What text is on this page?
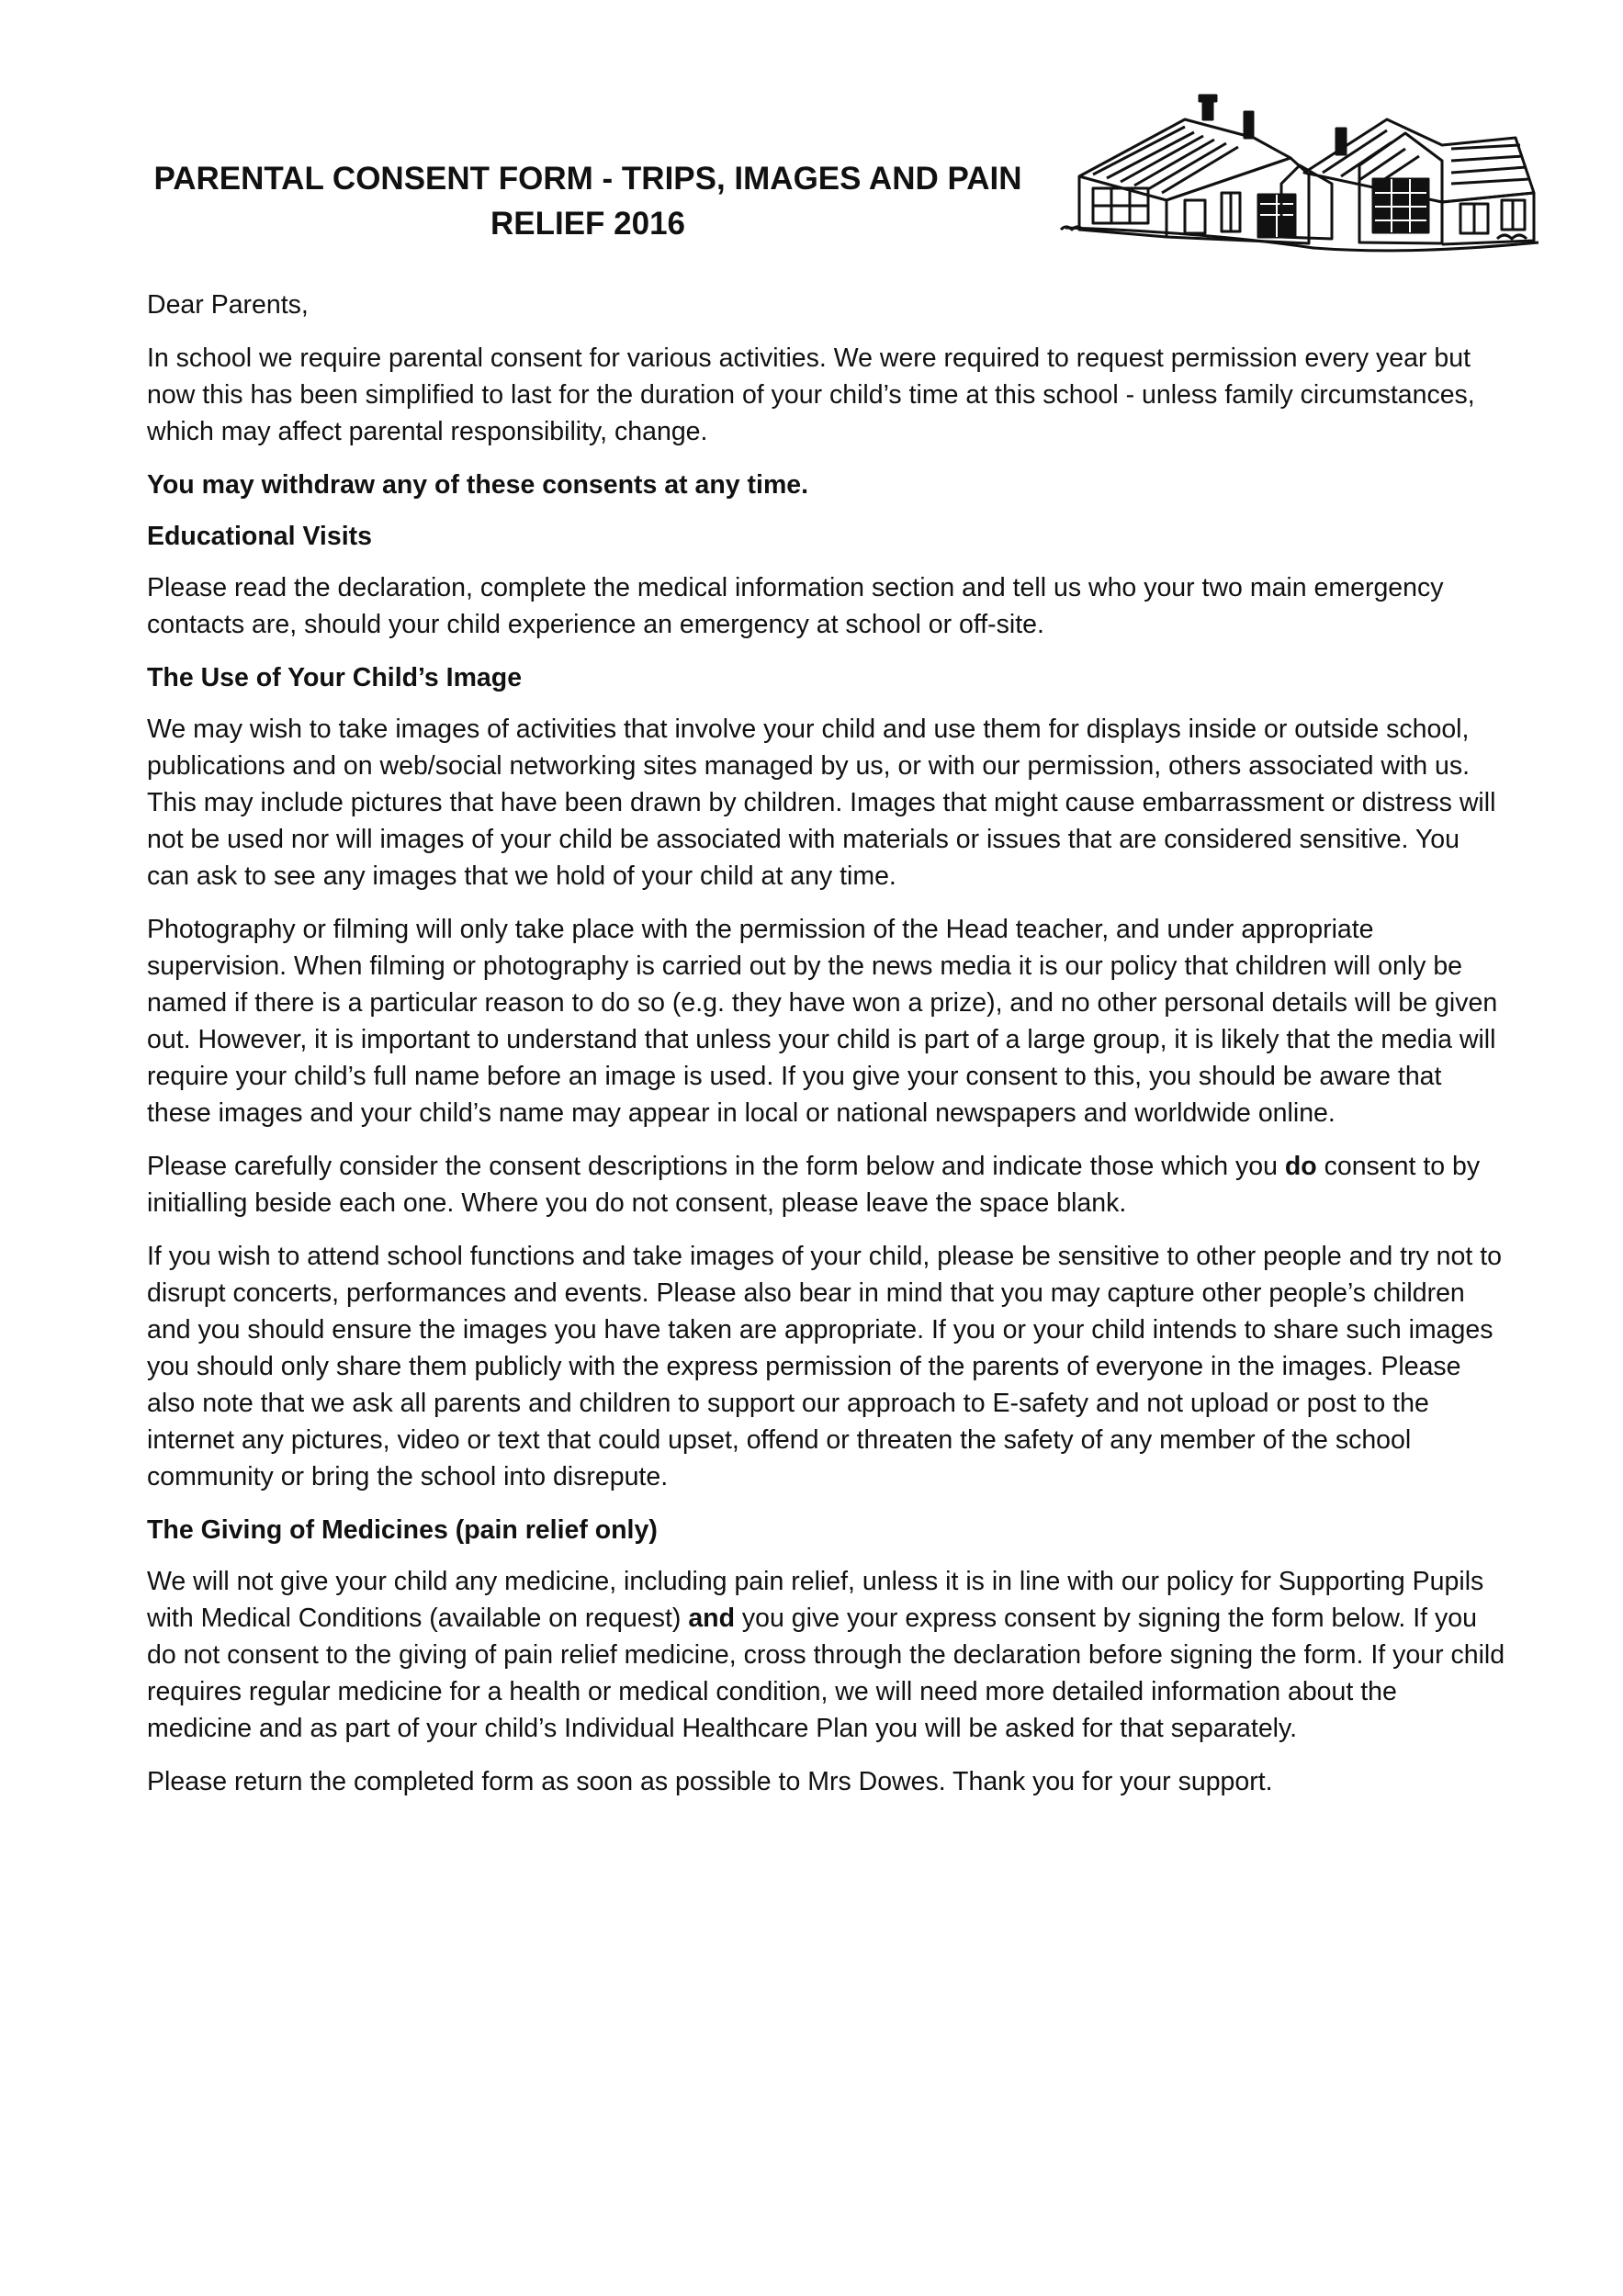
PARENTAL CONSENT FORM - TRIPS, IMAGES AND PAIN
RELIEF 2016

Dear Parents,

In school we require parental consent for various activities. We were required to request permission every year but now this has been simplified to last for the duration of your child’s time at this school - unless family circumstances, which may affect parental responsibility, change.

You may withdraw any of these consents at any time.

Educational Visits

Please read the declaration, complete the medical information section and tell us who your two main emergency contacts are, should your child experience an emergency at school or off-site.

The Use of Your Child’s Image

We may wish to take images of activities that involve your child and use them for displays inside or outside school, publications and on web/social networking sites managed by us, or with our permission, others associated with us. This may include pictures that have been drawn by children. Images that might cause embarrassment or distress will not be used nor will images of your child be associated with materials or issues that are considered sensitive. You can ask to see any images that we hold of your child at any time.

Photography or filming will only take place with the permission of the Head teacher, and under appropriate supervision. When filming or photography is carried out by the news media it is our policy that children will only be named if there is a particular reason to do so (e.g. they have won a prize), and no other personal details will be given out. However, it is important to understand that unless your child is part of a large group, it is likely that the media will require your child’s full name before an image is used. If you give your consent to this, you should be aware that these images and your child’s name may appear in local or national newspapers and worldwide online.

Please carefully consider the consent descriptions in the form below and indicate those which you do consent to by initialling beside each one. Where you do not consent, please leave the space blank.

If you wish to attend school functions and take images of your child, please be sensitive to other people and try not to disrupt concerts, performances and events. Please also bear in mind that you may capture other people’s children and you should ensure the images you have taken are appropriate. If you or your child intends to share such images you should only share them publicly with the express permission of the parents of everyone in the images. Please also note that we ask all parents and children to support our approach to E-safety and not upload or post to the internet any pictures, video or text that could upset, offend or threaten the safety of any member of the school community or bring the school into disrepute.

The Giving of Medicines (pain relief only)

We will not give your child any medicine, including pain relief, unless it is in line with our policy for Supporting Pupils with Medical Conditions (available on request) and you give your express consent by signing the form below. If you do not consent to the giving of pain relief medicine, cross through the declaration before signing the form. If your child requires regular medicine for a health or medical condition, we will need more detailed information about the medicine and as part of your child’s Individual Healthcare Plan you will be asked for that separately.

Please return the completed form as soon as possible to Mrs Dowes. Thank you for your support.
